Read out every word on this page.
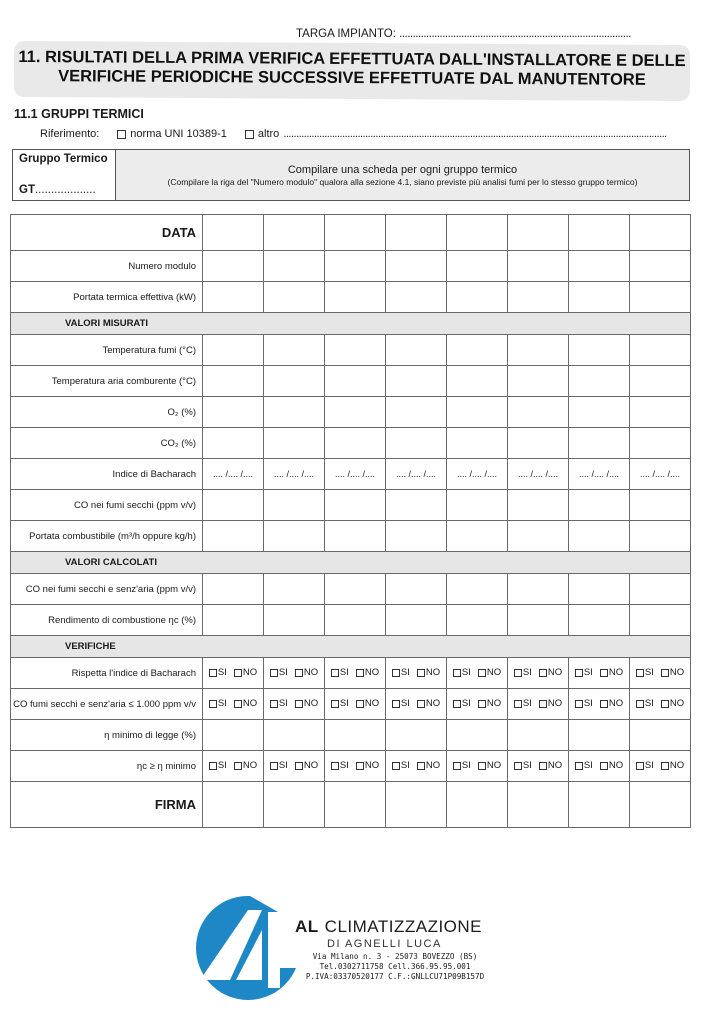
TARGA IMPIANTO: ......................................................................................
11. RISULTATI DELLA PRIMA VERIFICA EFFETTUATA DALL'INSTALLATORE E DELLE
VERIFICHE PERIODICHE SUCCESSIVE EFFETTUATE DAL MANUTENTORE
11.1 GRUPPI TERMICI
Riferimento:	norma UNI 10389-1	altro ......................................................................................................................................................
Gruppo Termico
GT...................
Compilare una scheda per ogni gruppo termico
(Compilare la riga del "Numero modulo" qualora alla sezione 4.1, siano previste più analisi fumi per lo stesso gruppo termico)
DATA								
Numero modulo								
Portata termica effettiva (kW)								
VALORI MISURATI								
Temperatura fumi (°C)								
Temperatura aria comburente (°C)								
O₂ (%)								
CO₂ (%)								
Indice di Bacharach	.... /.... /....	.... /.... /....	.... /.... /....	.... /.... /....	.... /.... /....	.... /.... /....	.... /.... /....	.... /.... /....
CO nei fumi secchi (ppm v/v)								
Portata combustibile (m³/h oppure kg/h)								
VALORI CALCOLATI								
CO nei fumi secchi e senz'aria (ppm v/v)								
Rendimento di combustione ηc (%)								
VERIFICHE								
Rispetta l'indice di Bacharach	SI NO	SI NO	SI NO	SI NO	SI NO	SI NO	SI NO	SI NO

CO fumi secchi e senz'aria ≤ 1.000 ppm v/v	SI NO	SI NO	SI NO	SI NO	SI NO	SI NO	SI NO	SI NO

η minimo di legge (%)								
ηc ≥ η minimo	SI NO	SI NO	SI NO	SI NO	SI NO	SI NO	SI NO	SI NO

FIRMA								
AL CLIMATIZZAZIONE
DI AGNELLI LUCA
Via Milano n. 3 - 25073 BOVEZZO (BS)
Tel.0302711758 Cell.366.95.95.001
P.IVA:03370520177 C.F.:GNLLCU71P09B157D
